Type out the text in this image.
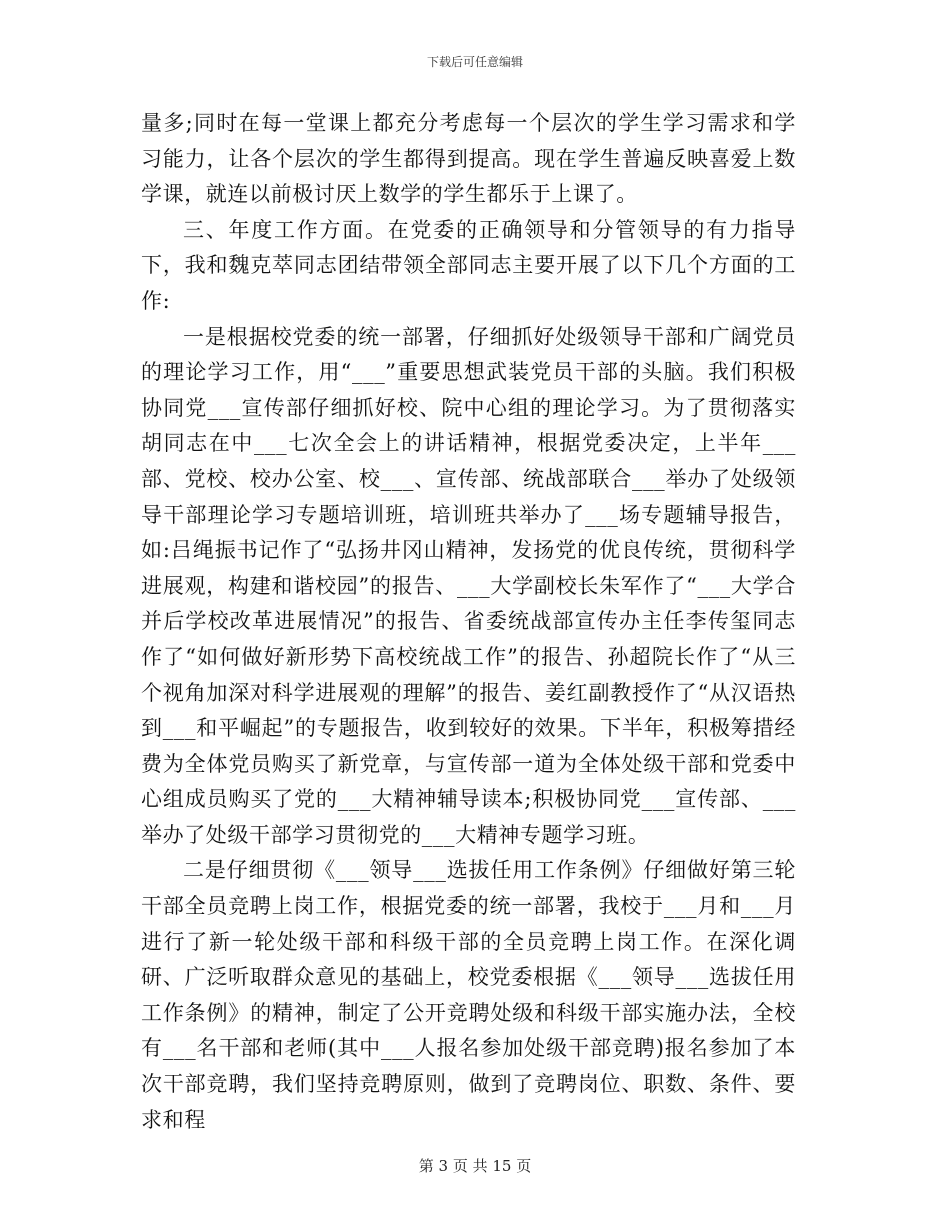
下载后可任意编辑

量多;同时在每一堂课上都充分考虑每一个层次的学生学习需求和学习能力，让各个层次的学生都得到提高。现在学生普遍反映喜爱上数学课，就连以前极讨厌上数学的学生都乐于上课了。

三、年度工作方面。在党委的正确领导和分管领导的有力指导下，我和魏克萃同志团结带领全部同志主要开展了以下几个方面的工作:

一是根据校党委的统一部署，仔细抓好处级领导干部和广阔党员的理论学习工作，用“___”重要思想武装党员干部的头脑。我们积极协同党___宣传部仔细抓好校、院中心组的理论学习。为了贯彻落实胡同志在中___七次全会上的讲话精神，根据党委决定，上半年___部、党校、校办公室、校___、宣传部、统战部联合___举办了处级领导干部理论学习专题培训班，培训班共举办了___场专题辅导报告，如:吕绳振书记作了“弘扬井冈山精神，发扬党的优良传统，贯彻科学进展观，构建和谐校园”的报告、___大学副校长朱军作了“___大学合并后学校改革进展情况”的报告、省委统战部宣传办主任李传玺同志作了“如何做好新形势下高校统战工作”的报告、孙超院长作了“从三个视角加深对科学进展观的理解”的报告、姜红副教授作了“从汉语热到___和平崛起”的专题报告，收到较好的效果。下半年，积极筹措经费为全体党员购买了新党章，与宣传部一道为全体处级干部和党委中心组成员购买了党的___大精神辅导读本;积极协同党___宣传部、___举办了处级干部学习贯彻党的___大精神专题学习班。

二是仔细贯彻《___领导___选拔任用工作条例》仔细做好第三轮干部全员竞聘上岗工作，根据党委的统一部署，我校于___月和___月进行了新一轮处级干部和科级干部的全员竞聘上岗工作。在深化调研、广泛听取群众意见的基础上，校党委根据《___领导___选拔任用工作条例》的精神，制定了公开竞聘处级和科级干部实施办法，全校有___名干部和老师(其中___人报名参加处级干部竞聘)报名参加了本次干部竞聘，我们坚持竞聘原则，做到了竞聘岗位、职数、条件、要求和程

第 3 页 共 15 页
